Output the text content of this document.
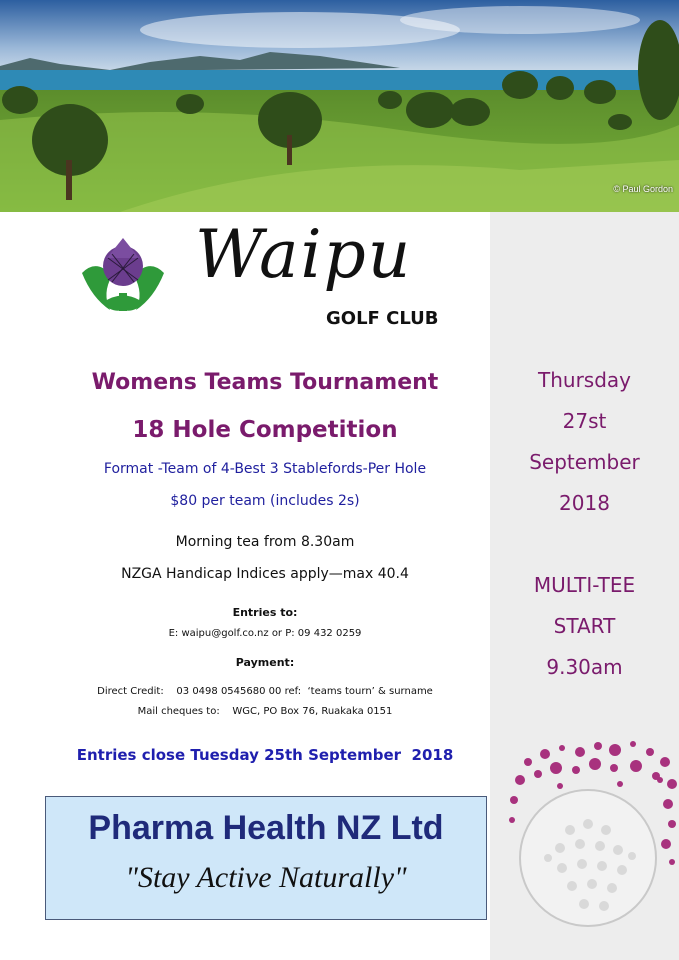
© Paul Gordon
Waipu
GOLF CLUB
Womens Teams Tournament
18 Hole Competition
Format -Team of 4-Best 3 Stablefords-Per Hole
$80 per team (includes 2s)
Morning tea from 8.30am
NZGA Handicap Indices apply—max 40.4
Entries to:
E: waipu@golf.co.nz or P: 09 432 0259
Payment:
Direct Credit:    03 0498 0545680 00 ref:  ‘teams tourn’ & surname
Mail cheques to:    WGC, PO Box 76, Ruakaka 0151
Entries close Tuesday 25th September  2018
Thursday
27st
September
2018
MULTI-TEE
START
9.30am
Pharma Health NZ Ltd
"Stay Active Naturally"
